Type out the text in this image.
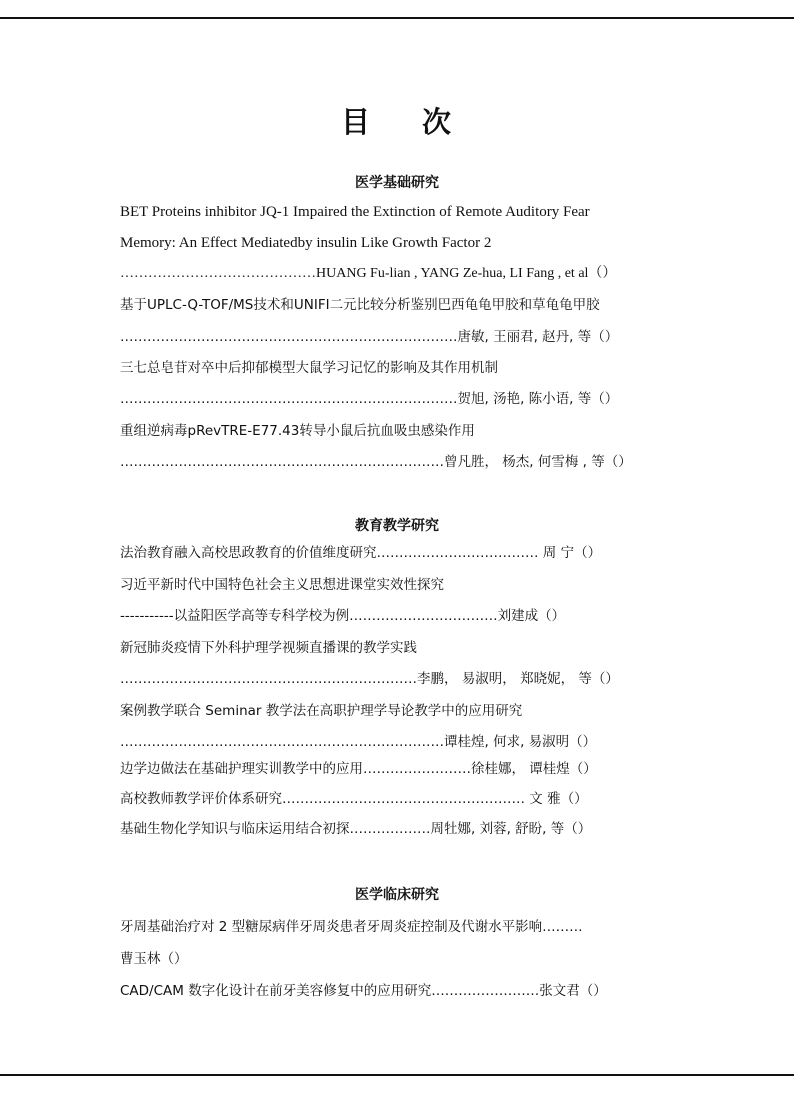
目 次
医学基础研究
BET Proteins inhibitor JQ-1 Impaired the Extinction of Remote Auditory Fear
Memory: An Effect Mediatedby insulin Like Growth Factor 2
……………………………………HUANG Fu-lian , YANG Ze-hua, LI Fang , et al（）
基于UPLC-Q-TOF/MS技术和UNIFI二元比较分析鉴别巴西龟龟甲胶和草龟龟甲胶
…………………………………………………………………唐敏, 王丽君, 赵丹, 等（）
三七总皂苷对卒中后抑郁模型大鼠学习记忆的影响及其作用机制
…………………………………………………………………贺旭, 汤艳, 陈小语, 等（）
重组逆病毒pRevTRE-E77.43转导小鼠后抗血吸虫感染作用
………………………………………………………………曾凡胜， 杨杰, 何雪梅 , 等（）
教育教学研究
法治教育融入高校思政教育的价值维度研究……………………………… 周 宁（）
习近平新时代中国特色社会主义思想进课堂实效性探究
-----------以益阳医学高等专科学校为例……………………………刘建成（）
新冠肺炎疫情下外科护理学视频直播课的教学实践
…………………………………………………………李鹏， 易淑明， 郑晓妮， 等（）
案例教学联合 Seminar 教学法在高职护理学导论教学中的应用研究
………………………………………………………………谭桂煌, 何求, 易淑明（）
边学边做法在基础护理实训教学中的应用……………………徐桂娜， 谭桂煌（）
高校教师教学评价体系研究……………………………………………… 文 雅（）
基础生物化学知识与临床运用结合初探………………周牡娜, 刘蓉, 舒盼, 等（）
医学临床研究
牙周基础治疗对 2 型糖尿病伴牙周炎患者牙周炎症控制及代谢水平影响………
曹玉林（）
CAD/CAM 数字化设计在前牙美容修复中的应用研究……………………张文君（）
